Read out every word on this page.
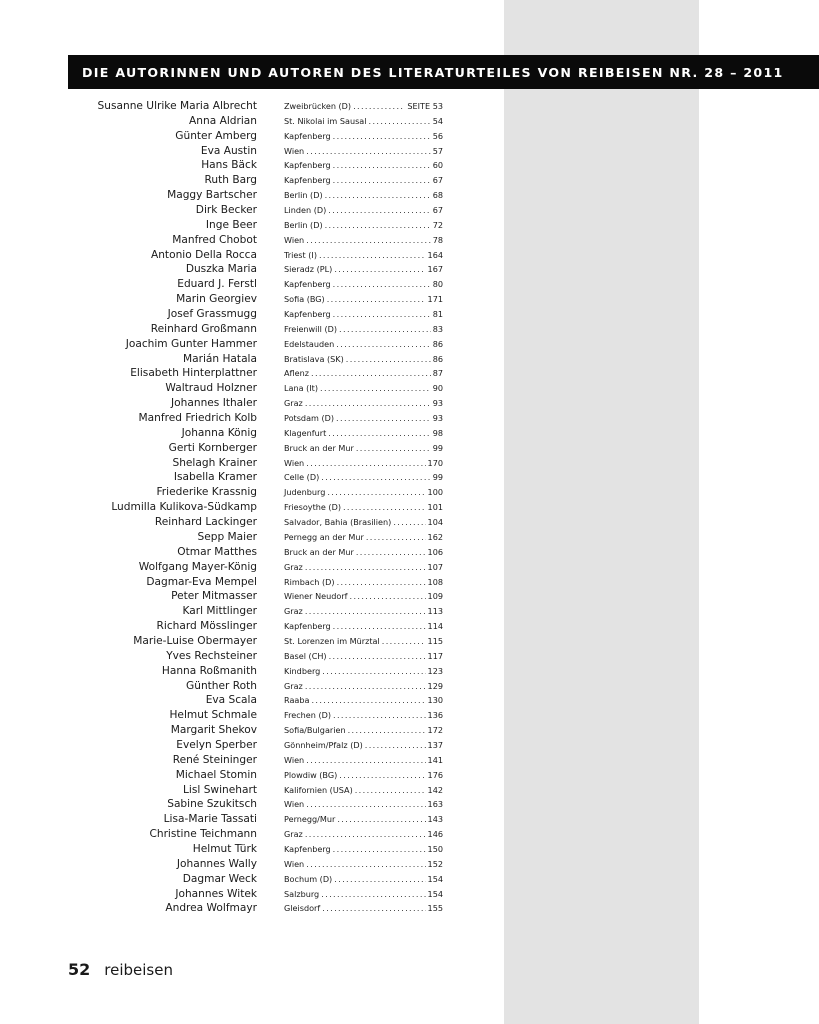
DIE AUTORINNEN UND AUTOREN DES LITERATURTEILES VON REIBEISEN NR. 28 – 2011
Susanne Ulrike Maria Albrecht	Zweibrücken (D) . . .	SEITE 53
Anna Aldrian	St. Nikolai im Sausal . . .	54
Günter Amberg	Kapfenberg . . .	56
Eva Austin	Wien . . .	57
Hans Bäck	Kapfenberg . . .	60
Ruth Barg	Kapfenberg . . .	67
Maggy Bartscher	Berlin (D) . . .	68
Dirk Becker	Linden (D) . . .	67
Inge Beer	Berlin (D) . . .	72
Manfred Chobot	Wien . . .	78
Antonio Della Rocca	Triest (I) . . .	164
Duszka Maria	Sieradz (PL) . . .	167
Eduard J. Ferstl	Kapfenberg . . .	80
Marin Georgiev	Sofia (BG) . . .	171
Josef Grassmugg	Kapfenberg . . .	81
Reinhard Großmann	Freienwill (D) . . .	83
Joachim Gunter Hammer	Edelstauden . . .	86
Marián Hatala	Bratislava (SK) . . .	86
Elisabeth Hinterplattner	Aflenz . . .	87
Waltraud Holzner	Lana (It) . . .	90
Johannes Ithaler	Graz . . .	93
Manfred Friedrich Kolb	Potsdam (D) . . .	93
Johanna König	Klagenfurt . . .	98
Gerti Kornberger	Bruck an der Mur . . .	99
Shelagh Krainer	Wien . . .	170
Isabella Kramer	Celle (D) . . .	99
Friederike Krassnig	Judenburg . . .	100
Ludmilla Kulikova-Südkamp	Friesoythe (D) . . .	101
Reinhard Lackinger	Salvador, Bahia (Brasilien) . . .	104
Sepp Maier	Pernegg an der Mur . . .	162
Otmar Matthes	Bruck an der Mur . . .	106
Wolfgang Mayer-König	Graz . . .	107
Dagmar-Eva Mempel	Rimbach (D) . . .	108
Peter Mitmasser	Wiener Neudorf . . .	109
Karl Mittlinger	Graz . . .	113
Richard Mösslinger	Kapfenberg . . .	114
Marie-Luise Obermayer	St. Lorenzen im Mürztal . . .	115
Yves Rechsteiner	Basel (CH) . . .	117
Hanna Roßmanith	Kindberg . . .	123
Günther Roth	Graz . . .	129
Eva Scala	Raaba . . .	130
Helmut Schmale	Frechen (D) . . .	136
Margarit Shekov	Sofia/Bulgarien . . .	172
Evelyn Sperber	Gönnheim/Pfalz (D) . . .	137
René Steininger	Wien . . .	141
Michael Stomin	Plowdiw (BG) . . .	176
Lisl Swinehart	Kalifornien (USA) . . .	142
Sabine Szukitsch	Wien . . .	163
Lisa-Marie Tassati	Pernegg/Mur . . .	143
Christine Teichmann	Graz . . .	146
Helmut Türk	Kapfenberg . . .	150
Johannes Wally	Wien . . .	152
Dagmar Weck	Bochum (D) . . .	154
Johannes Witek	Salzburg . . .	154
Andrea Wolfmayr	Gleisdorf . . .	155
52 reibeisen
